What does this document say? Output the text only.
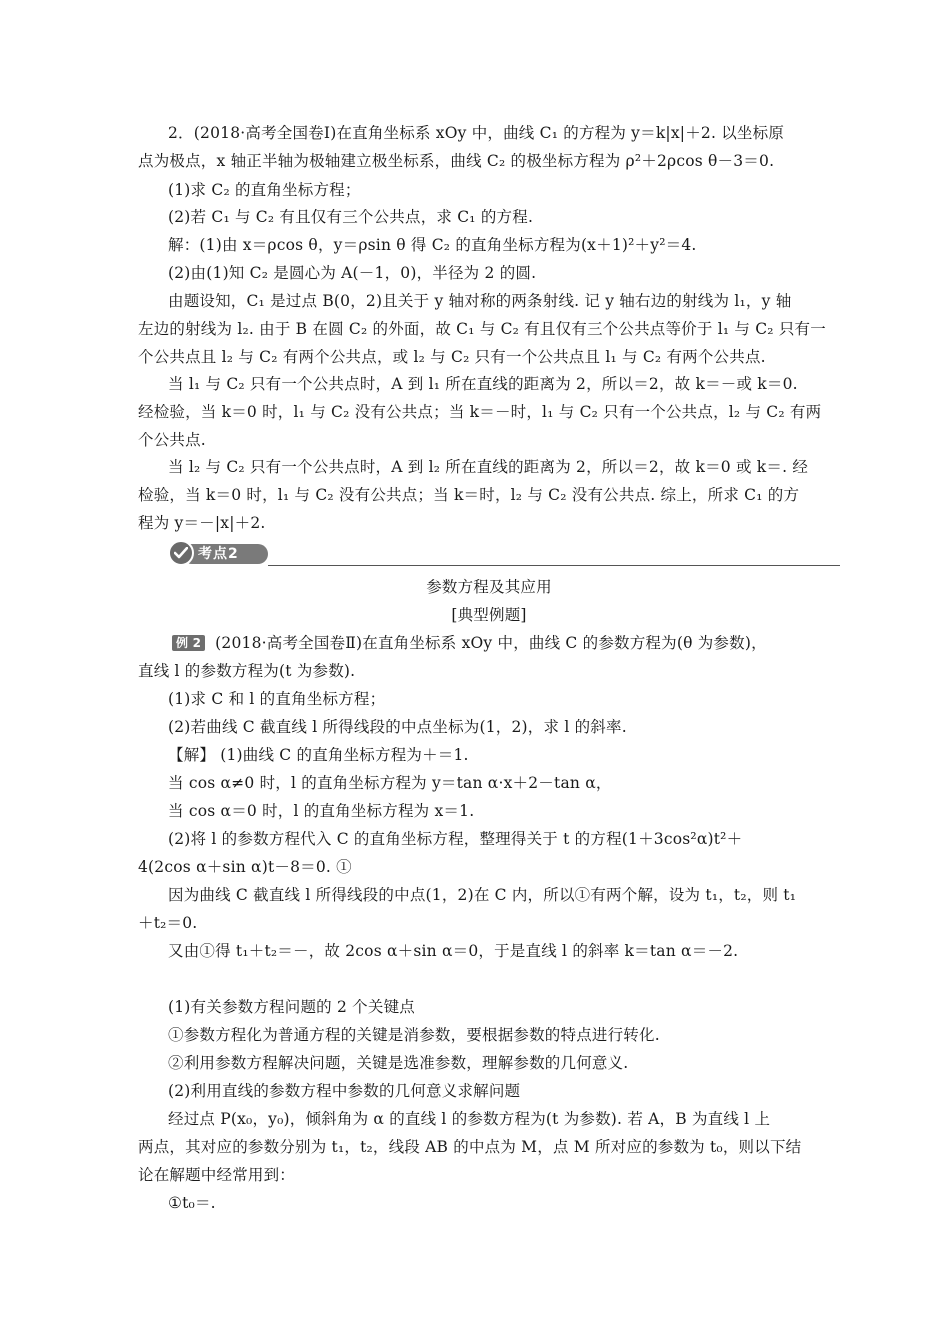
2．(2018·高考全国卷Ⅰ)在直角坐标系 xOy 中，曲线 C₁ 的方程为 y＝k|x|＋2. 以坐标原
点为极点，x 轴正半轴为极轴建立极坐标系，曲线 C₂ 的极坐标方程为 ρ²＋2ρcos θ－3＝0.
(1)求 C₂ 的直角坐标方程；
(2)若 C₁ 与 C₂ 有且仅有三个公共点，求 C₁ 的方程.
解：(1)由 x＝ρcos θ，y＝ρsin θ 得 C₂ 的直角坐标方程为(x＋1)²＋y²＝4.
(2)由(1)知 C₂ 是圆心为 A(－1，0)，半径为 2 的圆.
由题设知，C₁ 是过点 B(0，2)且关于 y 轴对称的两条射线. 记 y 轴右边的射线为 l₁，y 轴
左边的射线为 l₂. 由于 B 在圆 C₂ 的外面，故 C₁ 与 C₂ 有且仅有三个公共点等价于 l₁ 与 C₂ 只有一
个公共点且 l₂ 与 C₂ 有两个公共点，或 l₂ 与 C₂ 只有一个公共点且 l₁ 与 C₂ 有两个公共点.
当 l₁ 与 C₂ 只有一个公共点时，A 到 l₁ 所在直线的距离为 2，所以＝2，故 k＝－或 k＝0.
经检验，当 k＝0 时，l₁ 与 C₂ 没有公共点；当 k＝－时，l₁ 与 C₂ 只有一个公共点，l₂ 与 C₂ 有两
个公共点.
当 l₂ 与 C₂ 只有一个公共点时，A 到 l₂ 所在直线的距离为 2，所以＝2，故 k＝0 或 k＝. 经
检验，当 k＝0 时，l₁ 与 C₂ 没有公共点；当 k＝时，l₂ 与 C₂ 没有公共点. 综上，所求 C₁ 的方
程为 y＝－|x|＋2.
考点2
参数方程及其应用
[典型例题]
例 2 (2018·高考全国卷Ⅱ)在直角坐标系 xOy 中，曲线 C 的参数方程为(θ 为参数)，
直线 l 的参数方程为(t 为参数).
(1)求 C 和 l 的直角坐标方程；
(2)若曲线 C 截直线 l 所得线段的中点坐标为(1，2)，求 l 的斜率.
【解】 (1)曲线 C 的直角坐标方程为＋＝1.
当 cos α≠0 时，l 的直角坐标方程为 y＝tan α·x＋2－tan α，
当 cos α＝0 时，l 的直角坐标方程为 x＝1.
(2)将 l 的参数方程代入 C 的直角坐标方程，整理得关于 t 的方程(1＋3cos²α)t²＋
4(2cos α＋sin α)t－8＝0. ①
因为曲线 C 截直线 l 所得线段的中点(1，2)在 C 内，所以①有两个解，设为 t₁，t₂，则 t₁
＋t₂＝0.
又由①得 t₁＋t₂＝－，故 2cos α＋sin α＝0，于是直线 l 的斜率 k＝tan α＝－2.
(1)有关参数方程问题的 2 个关键点
①参数方程化为普通方程的关键是消参数，要根据参数的特点进行转化.
②利用参数方程解决问题，关键是选准参数，理解参数的几何意义.
(2)利用直线的参数方程中参数的几何意义求解问题
经过点 P(x₀，y₀)，倾斜角为 α 的直线 l 的参数方程为(t 为参数). 若 A，B 为直线 l 上
两点，其对应的参数分别为 t₁，t₂，线段 AB 的中点为 M，点 M 所对应的参数为 t₀，则以下结
论在解题中经常用到：
①t₀＝.
